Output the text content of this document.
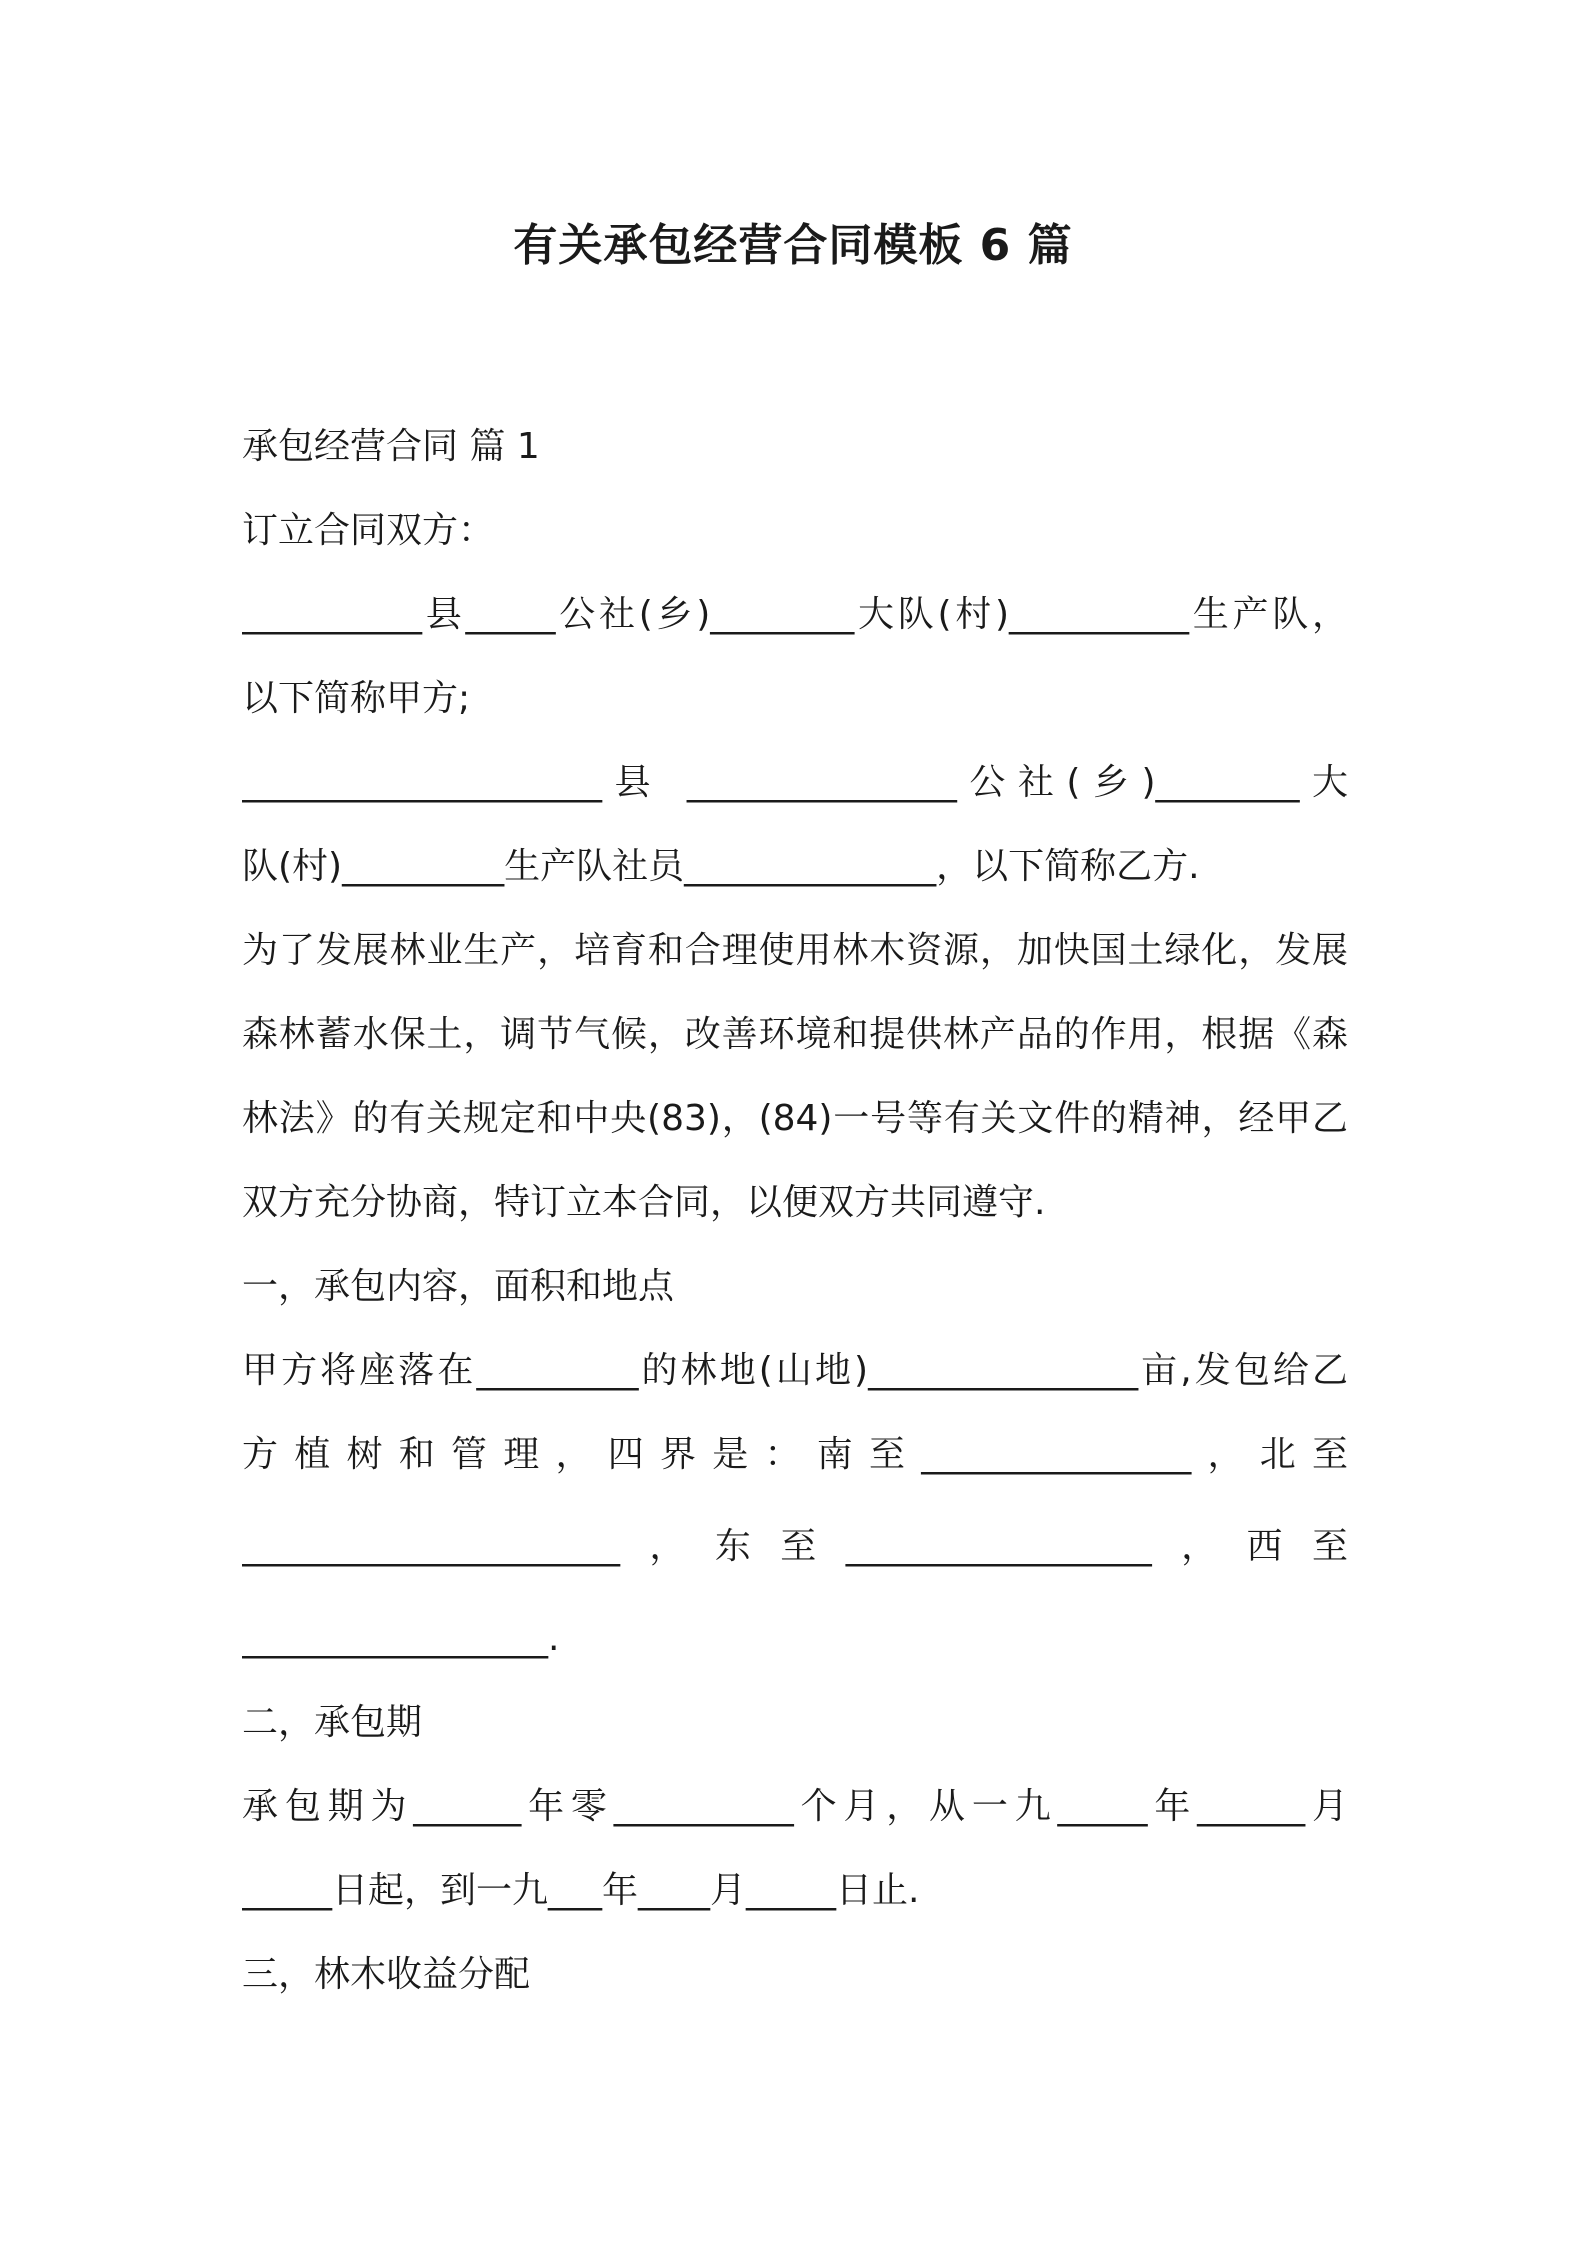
有关承包经营合同模板 6 篇
承包经营合同 篇 1
订立合同双方：
__________县_____公社(乡)________大队(村)__________生产队，
以下简称甲方;
____________________县 _______________公社(乡)________大
队(村)_________生产队社员______________，以下简称乙方.
为了发展林业生产，培育和合理使用林木资源，加快国土绿化，发展
森林蓄水保土，调节气候，改善环境和提供林产品的作用，根据《森
林法》的有关规定和中央(83)，(84)一号等有关文件的精神，经甲乙
双方充分协商，特订立本合同，以便双方共同遵守.
一，承包内容，面积和地点
甲方将座落在_________的林地(山地)_______________亩,发包给乙
方植树和管理，四界是：南至_______________，北至
_____________________，东至_________________，西至
_________________.
二，承包期
承包期为______年零__________个月，从一九_____年______月
_____日起，到一九___年____月_____日止.
三，林木收益分配
